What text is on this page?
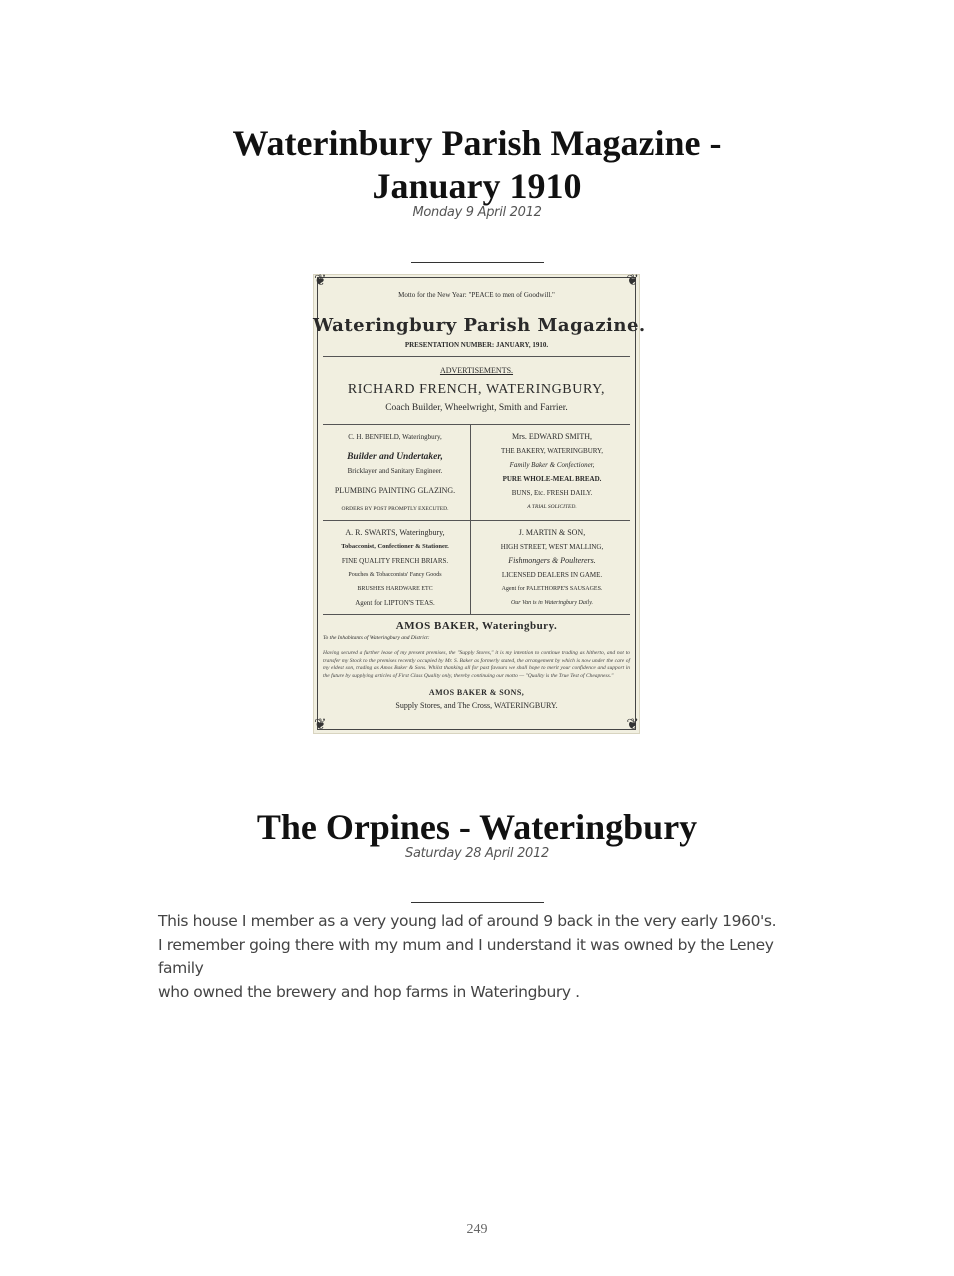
Waterinbury Parish Magazine -
January 1910
Monday 9 April 2012
❦	❦
❦	❦
Motto for the New Year: "PEACE to men of Goodwill."
Wateringbury Parish Magazine.
PRESENTATION NUMBER: JANUARY, 1910.
ADVERTISEMENTS.
RICHARD FRENCH, WATERINGBURY,
Coach Builder, Wheelwright, Smith and Farrier.
C. H. BENFIELD, Wateringbury,
Builder and Undertaker,
Bricklayer and Sanitary Engineer.
PLUMBING PAINTING GLAZING.
ORDERS BY POST PROMPTLY EXECUTED.
Mrs. EDWARD SMITH,
THE BAKERY, WATERINGBURY,
Family Baker & Confectioner,
PURE WHOLE-MEAL BREAD.
BUNS, Etc. FRESH DAILY.
A TRIAL SOLICITED.
A. R. SWARTS, Wateringbury,
Tobacconist, Confectioner & Stationer.
FINE QUALITY FRENCH BRIARS.
Pouches & Tobacconists' Fancy Goods
BRUSHES HARDWARE ETC
Agent for LIPTON'S TEAS.
J. MARTIN & SON,
HIGH STREET, WEST MALLING,
Fishmongers & Poulterers.
LICENSED DEALERS IN GAME.
Agent for PALETHORPE'S SAUSAGES.
Our Van is in Wateringbury Daily.
AMOS BAKER, Wateringbury.
To the Inhabitants of Wateringbury and District:
Having secured a further lease of my present premises, the "Supply Stores," it is my intention to continue trading as hitherto, and not to transfer my Stock to the premises recently occupied by Mr. S. Baker as formerly stated, the arrangement by which is now under the care of my eldest son, trading as Amos Baker & Sons. Whilst thanking all for past favours we shall hope to merit your confidence and support in the future by supplying articles of First Class Quality only, thereby continuing our motto — "Quality is the True Test of Cheapness."
AMOS BAKER & SONS,
Supply Stores, and The Cross, WATERINGBURY.
The Orpines - Wateringbury
Saturday 28 April 2012

This house I member as a very young lad of around 9 back in the very early 1960's.

I remember going there with my mum and I understand it was owned by the Leney family

who owned the brewery and hop farms in Wateringbury .

249
